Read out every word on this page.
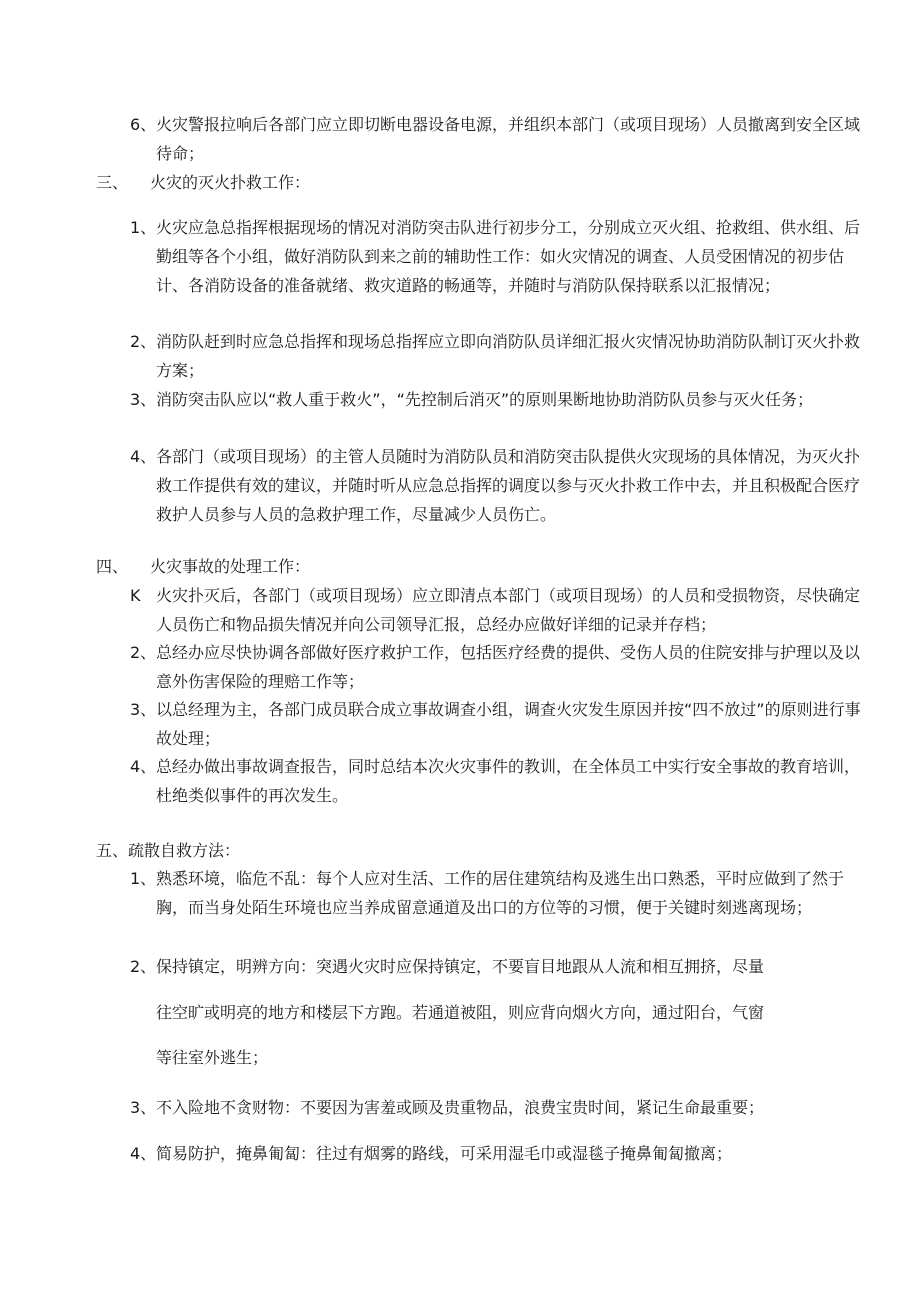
6、 火灾警报拉响后各部门应立即切断电器设备电源，并组织本部门（或项目现场）人员撤离到安全区域待命；
三、 火灾的灭火扑救工作：
1、 火灾应急总指挥根据现场的情况对消防突击队进行初步分工，分别成立灭火组、抢救组、供水组、后勤组等各个小组，做好消防队到来之前的辅助性工作：如火灾情况的调查、人员受困情况的初步估计、各消防设备的准备就绪、救灾道路的畅通等，并随时与消防队保持联系以汇报情况；
2、 消防队赶到时应急总指挥和现场总指挥应立即向消防队员详细汇报火灾情况协助消防队制订灭火扑救方案；
3、 消防突击队应以“救人重于救火”，“先控制后消灭”的原则果断地协助消防队员参与灭火任务；
4、 各部门（或项目现场）的主管人员随时为消防队员和消防突击队提供火灾现场的具体情况，为灭火扑救工作提供有效的建议，并随时听从应急总指挥的调度以参与灭火扑救工作中去，并且积极配合医疗救护人员参与人员的急救护理工作，尽量减少人员伤亡。
四、 火灾事故的处理工作：
K 火灾扑灭后，各部门（或项目现场）应立即清点本部门（或项目现场）的人员和受损物资，尽快确定人员伤亡和物品损失情况并向公司领导汇报，总经办应做好详细的记录并存档；
2、 总经办应尽快协调各部做好医疗救护工作，包括医疗经费的提供、受伤人员的住院安排与护理以及以意外伤害保险的理赔工作等；
3、 以总经理为主，各部门成员联合成立事故调查小组，调查火灾发生原因并按“四不放过”的原则进行事故处理；
4、 总经办做出事故调查报告，同时总结本次火灾事件的教训，在全体员工中实行安全事故的教育培训，杜绝类似事件的再次发生。
五、疏散自救方法：
1、 熟悉环境，临危不乱：每个人应对生活、工作的居住建筑结构及逃生出口熟悉，平时应做到了然于胸，而当身处陌生环境也应当养成留意通道及出口的方位等的习惯，便于关键时刻逃离现场；
2、 保持镇定，明辨方向：突遇火灾时应保持镇定，不要盲目地跟从人流和相互拥挤，尽量
往空旷或明亮的地方和楼层下方跑。若通道被阻，则应背向烟火方向，通过阳台，气窗
等往室外逃生；
3、 不入险地不贪财物：不要因为害羞或顾及贵重物品，浪费宝贵时间，紧记生命最重要；
4、 简易防护，掩鼻匍匐：往过有烟雾的路线，可采用湿毛巾或湿毯子掩鼻匍匐撤离；
